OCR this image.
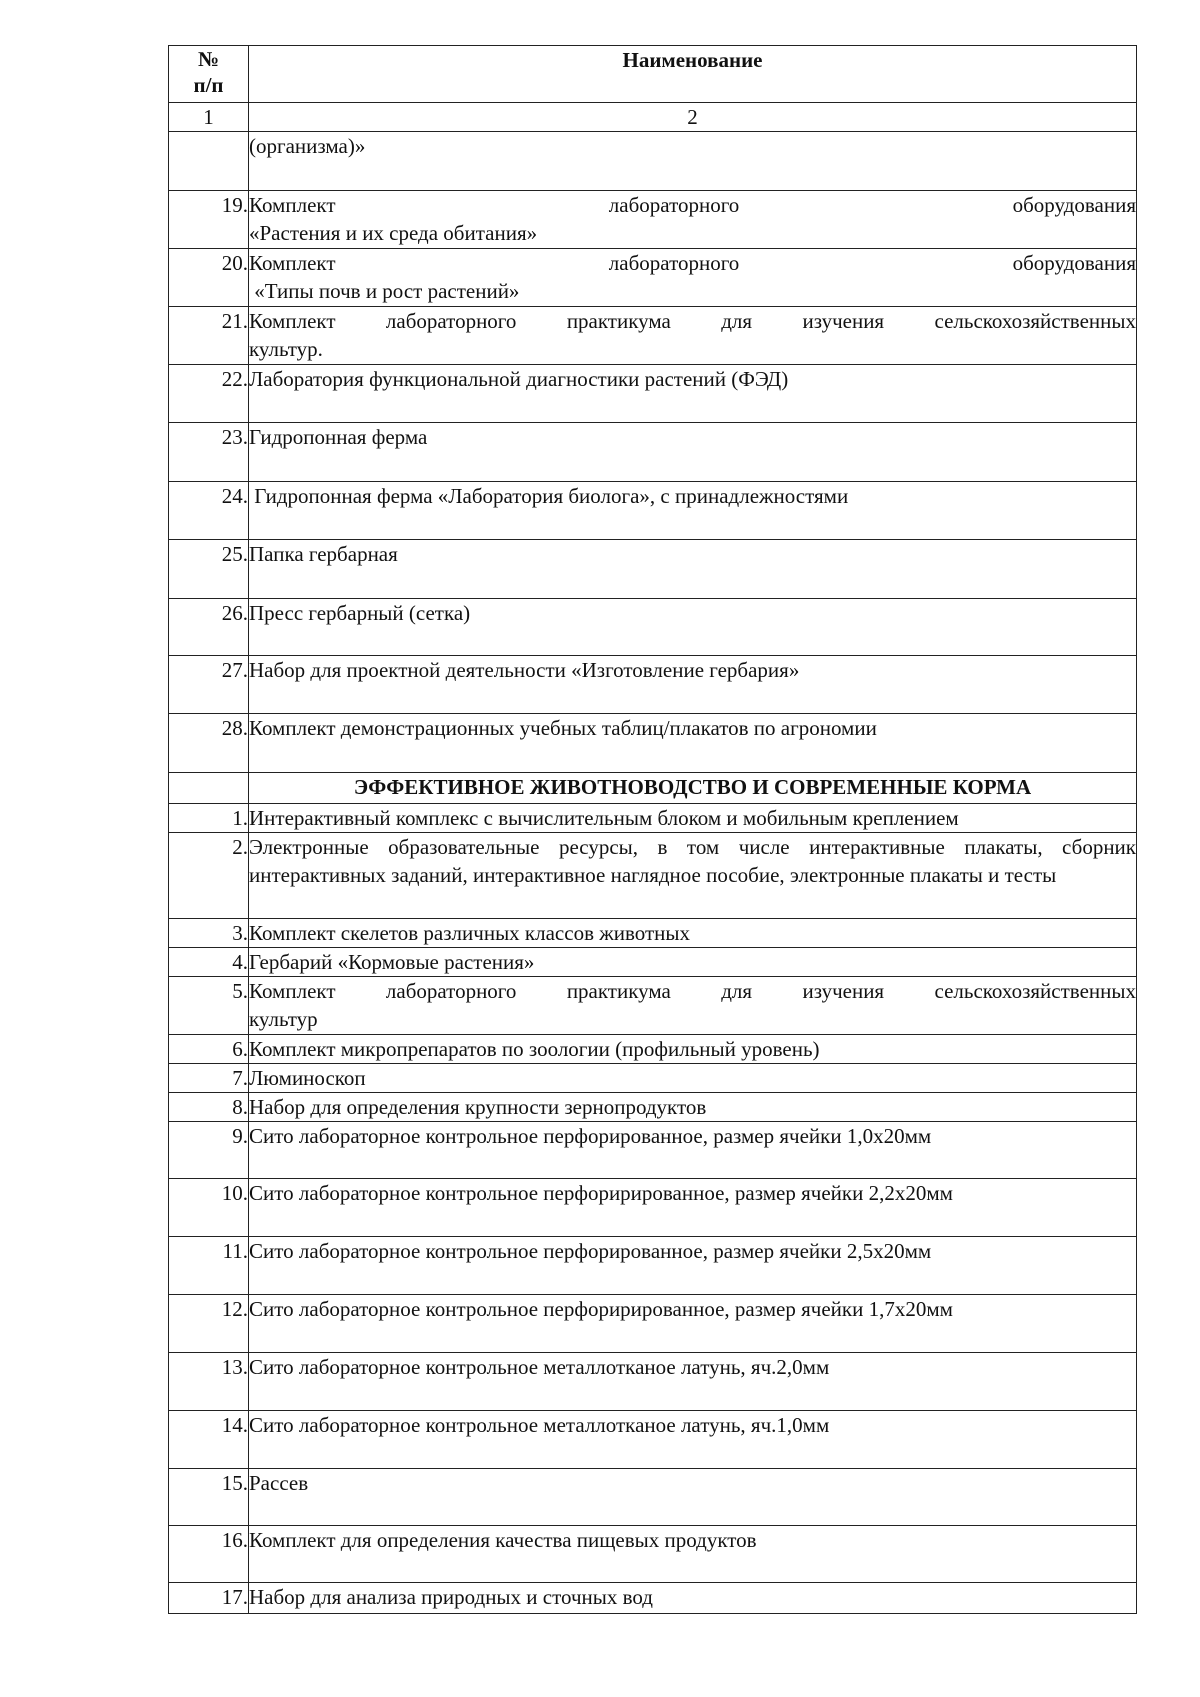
№
п/п	Наименование
1	2
	(организма)»
19.	Комплект лабораторного оборудования
«Растения и их среда обитания»

20.	Комплект лабораторного оборудования
«Типы почв и рост растений»

21.	Комплект лабораторного практикума для изучения сельскохозяйственных
культур.

22.	Лаборатория функциональной диагностики растений (ФЭД)
23.	Гидропонная ферма
24.	Гидропонная ферма «Лаборатория биолога», с принадлежностями
25.	Папка гербарная
26.	Пресс гербарный (сетка)
27.	Набор для проектной деятельности «Изготовление гербария»
28.	Комплект демонстрационных учебных таблиц/плакатов по агрономии
	ЭФФЕКТИВНОЕ ЖИВОТНОВОДСТВО И СОВРЕМЕННЫЕ КОРМА
1.	Интерактивный комплекс с вычислительным блоком и мобильным креплением
2.	Электронные образовательные ресурсы, в том числе интерактивные плакаты, сборник интерактивных заданий, интерактивное наглядное пособие, электронные плакаты и тесты
3.	Комплект скелетов различных классов животных
4.	Гербарий «Кормовые растения»
5.	Комплект лабораторного практикума для изучения сельскохозяйственных
культур

6.	Комплект микропрепаратов по зоологии (профильный уровень)
7.	Люминоскоп
8.	Набор для определения крупности зернопродуктов
9.	Сито лабораторное контрольное перфорированное, размер ячейки 1,0х20мм
10.	Сито лабораторное контрольное перфорирированное, размер ячейки 2,2х20мм
11.	Сито лабораторное контрольное перфорированное, размер ячейки 2,5х20мм
12.	Сито лабораторное контрольное перфорирированное, размер ячейки 1,7х20мм
13.	Сито лабораторное контрольное металлотканое латунь, яч.2,0мм
14.	Сито лабораторное контрольное металлотканое латунь, яч.1,0мм
15.	Рассев
16.	Комплект для определения качества пищевых продуктов
17.	Набор для анализа природных и сточных вод
